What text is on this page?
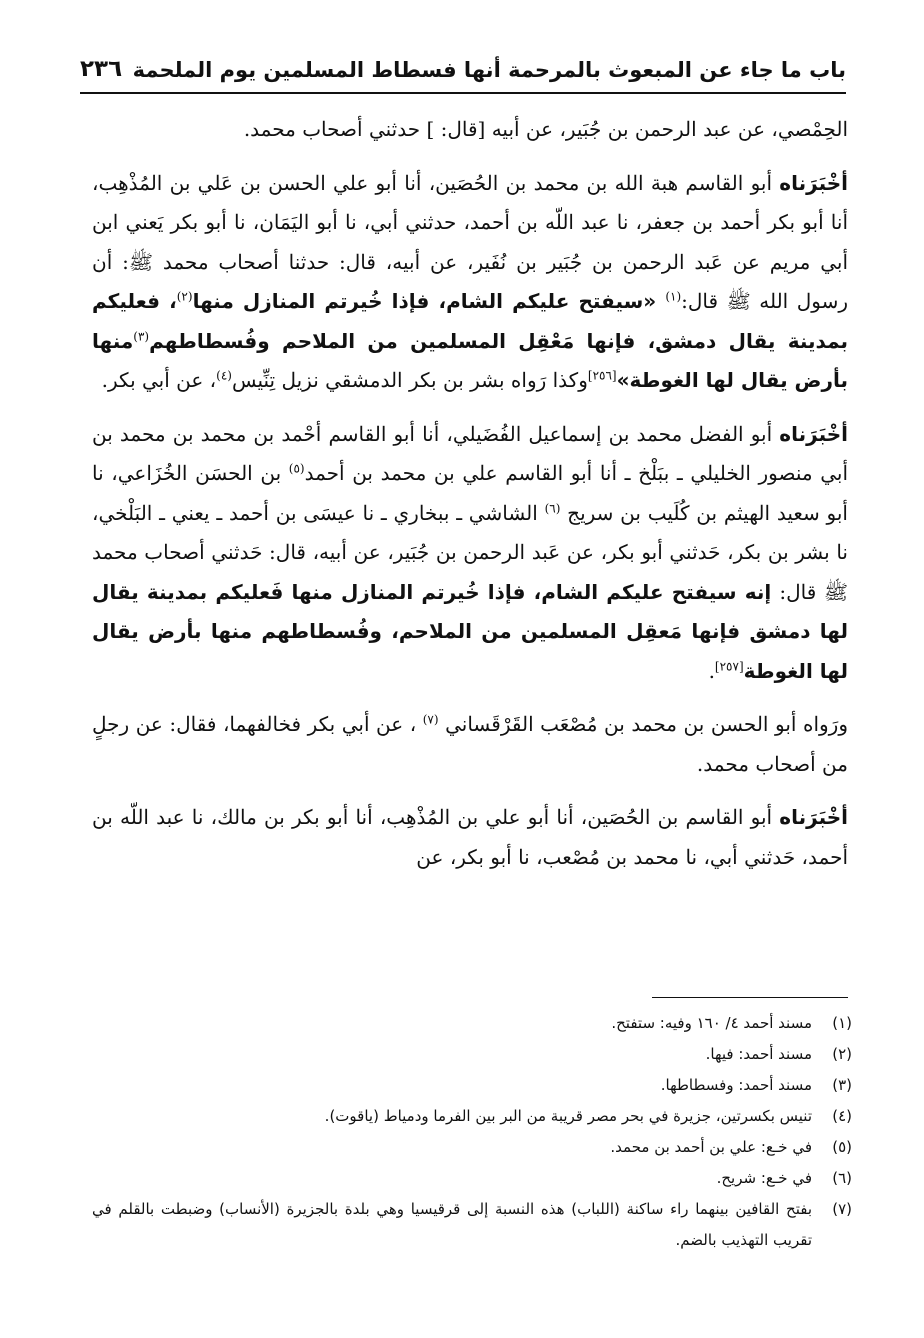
باب ما جاء عن المبعوث بالمرحمة أنها فسطاط المسلمين يوم الملحمة
٢٣٦

الحِمْصي، عن عبد الرحمن بن جُبَير، عن أبيه [قال: ] حدثني أصحاب محمد.

أخْبَرَناه أبو القاسم هبة الله بن محمد بن الحُصَين، أنا أبو علي الحسن بن عَلي بن المُذْهِب، أنا أبو بكر أحمد بن جعفر، نا عبد اللّه بن أحمد، حدثني أبي، نا أبو اليَمَان، نا أبو بكر يَعني ابن أبي مريم عن عَبد الرحمن بن جُبَير بن نُفَير، عن أبيه، قال: حدثنا أصحاب محمد ﷺ: أن رسول الله ﷺ قال:$^{(١)}$ «سيفتح عليكم الشام، فإذا خُيرتم المنازل منها$^{(٢)}$، فعليكم بمدينة يقال دمشق، فإنها مَعْقِل المسلمين من الملاحم وفُسطاطهم$^{(٣)}$منها بأرض يقال لها الغوطة»[٢٥٦]وكذا رَواه بشر بن بكر الدمشقي نزيل تِنِّيس$^{(٤)}$، عن أبي بكر.

أخْبَرَناه أبو الفضل محمد بن إسماعيل الفُضَيلي، أنا أبو القاسم أحْمد بن محمد بن محمد بن أبي منصور الخليلي ـ ببَلْخ ـ أنا أبو القاسم علي بن محمد بن أحمد$^{(٥)}$ بن الحسَن الخُزَاعي، نا أبو سعيد الهيثم بن كُلَيب بن سريج $^{(٦)}$ الشاشي ـ ببخاري ـ نا عيسَى بن أحمد ـ يعني ـ البَلْخي، نا بشر بن بكر، حَدثني أبو بكر، عن عَبد الرحمن بن جُبَير، عن أبيه، قال: حَدثني أصحاب محمد ﷺ قال: إنه سيفتح عليكم الشام، فإذا خُيرتم المنازل منها فَعليكم بمدينة يقال لها دمشق فإنها مَعقِل المسلمين من الملاحم، وفُسطاطهم منها بأرض يقال لها الغوطة[٢٥٧].

ورَواه أبو الحسن بن محمد بن مُصْعَب القَرْقَساني $^{(٧)}$ ، عن أبي بكر فخالفهما، فقال: عن رجلٍ من أصحاب محمد.

أخْبَرَناه أبو القاسم بن الحُصَين، أنا أبو علي بن المُذْهِب، أنا أبو بكر بن مالك، نا عبد اللّه بن أحمد، حَدثني أبي، نا محمد بن مُصْعب، نا أبو بكر، عن

(١)
مسند أحمد ٤/ ١٦٠ وفيه: ستفتح.
(٢)
مسند أحمد: فيها.
(٣)
مسند أحمد: وفسطاطها.
(٤)
تنيس بكسرتين، جزيرة في بحر مصر قريبة من البر بين الفرما ودمياط (ياقوت).
(٥)
في خـع: علي بن أحمد بن محمد.
(٦)
في خـع: شريح.
(٧)
بفتح القافين بينهما راء ساكنة (اللباب) هذه النسبة إلى قرقيسيا وهي بلدة بالجزيرة (الأنساب) وضبطت بالقلم في تقريب التهذيب بالضم.
